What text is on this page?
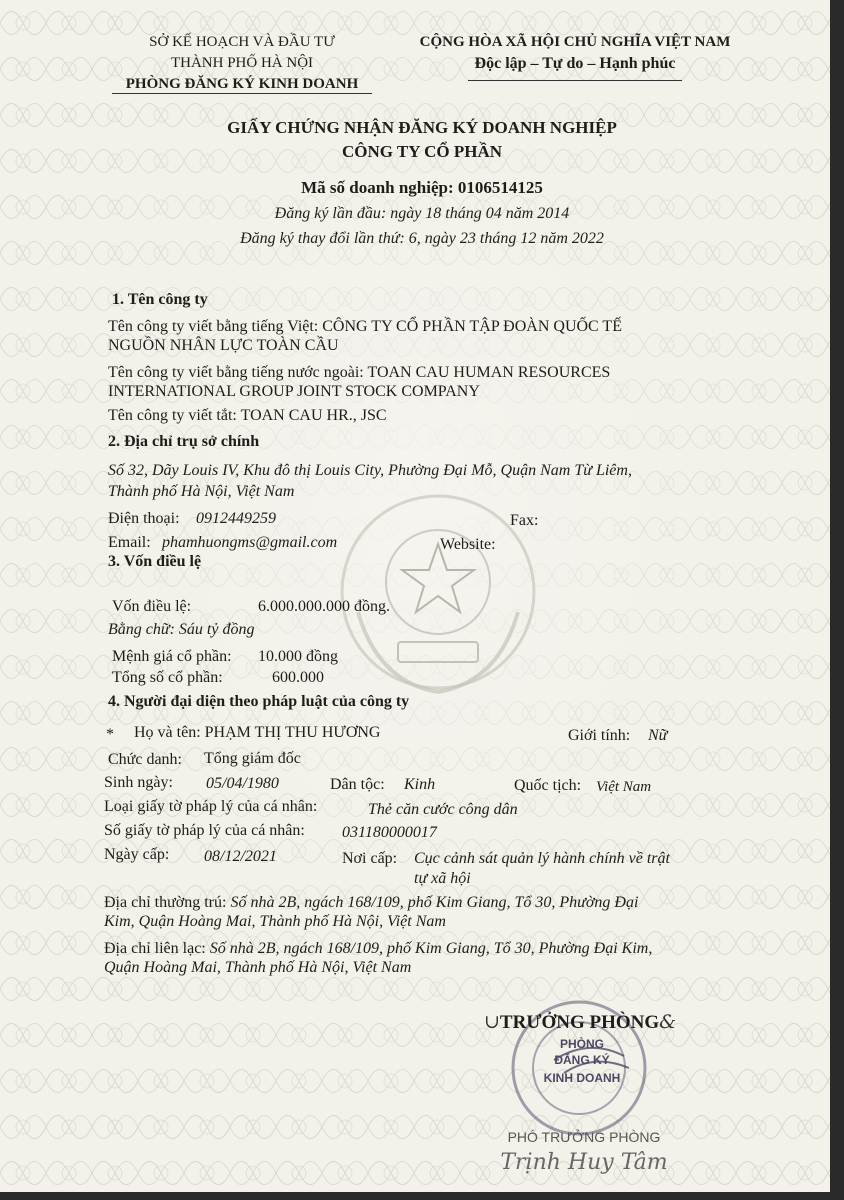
SỞ KẾ HOẠCH VÀ ĐẦU TƯ
THÀNH PHỐ HÀ NỘI
PHÒNG ĐĂNG KÝ KINH DOANH
CỘNG HÒA XÃ HỘI CHỦ NGHĨA VIỆT NAM
Độc lập – Tự do – Hạnh phúc
GIẤY CHỨNG NHẬN ĐĂNG KÝ DOANH NGHIỆP
CÔNG TY CỔ PHẦN
Mã số doanh nghiệp: 0106514125
Đăng ký lần đầu: ngày 18 tháng 04 năm 2014
Đăng ký thay đổi lần thứ: 6, ngày 23 tháng 12 năm 2022
1. Tên công ty
Tên công ty viết bằng tiếng Việt: CÔNG TY CỔ PHẦN TẬP ĐOÀN QUỐC TẾ
NGUỒN NHÂN LỰC TOÀN CẦU
Tên công ty viết bằng tiếng nước ngoài: TOAN CAU HUMAN RESOURCES
INTERNATIONAL GROUP JOINT STOCK COMPANY
Tên công ty viết tắt: TOAN CAU HR., JSC
2. Địa chỉ trụ sở chính
Số 32, Dãy Louis IV, Khu đô thị Louis City, Phường Đại Mỗ, Quận Nam Từ Liêm,
Thành phố Hà Nội, Việt Nam
Điện thoại: 0912449259	Fax:
Email: phamhuongms@gmail.com	Website:
3. Vốn điều lệ
Vốn điều lệ:	6.000.000.000 đồng.
Bằng chữ: Sáu tỷ đồng
Mệnh giá cổ phần: 10.000 đồng
Tổng số cổ phần:	600.000
4. Người đại diện theo pháp luật của công ty
* Họ và tên: PHẠM THỊ THU HƯƠNG	Giới tính: Nữ
Chức danh: Tổng giám đốc
Sinh ngày: 05/04/1980	Dân tộc: Kinh	Quốc tịch: Việt Nam
Loại giấy tờ pháp lý của cá nhân:	Thẻ căn cước công dân
Số giấy tờ pháp lý của cá nhân: 031180000017
Ngày cấp: 08/12/2021	Nơi cấp: Cục cảnh sát quản lý hành chính về trật
tự xã hội
Địa chỉ thường trú: Số nhà 2B, ngách 168/109, phố Kim Giang, Tổ 30, Phường Đại
Kim, Quận Hoàng Mai, Thành phố Hà Nội, Việt Nam
Địa chỉ liên lạc: Số nhà 2B, ngách 168/109, phố Kim Giang, Tổ 30, Phường Đại Kim,
Quận Hoàng Mai, Thành phố Hà Nội, Việt Nam
∪TRƯỞNG PHÒNG&
PHÒNG
ĐĂNG KÝ
KINH DOANH
PHÓ TRƯỞNG PHÒNG
Trịnh Huy Tâm
